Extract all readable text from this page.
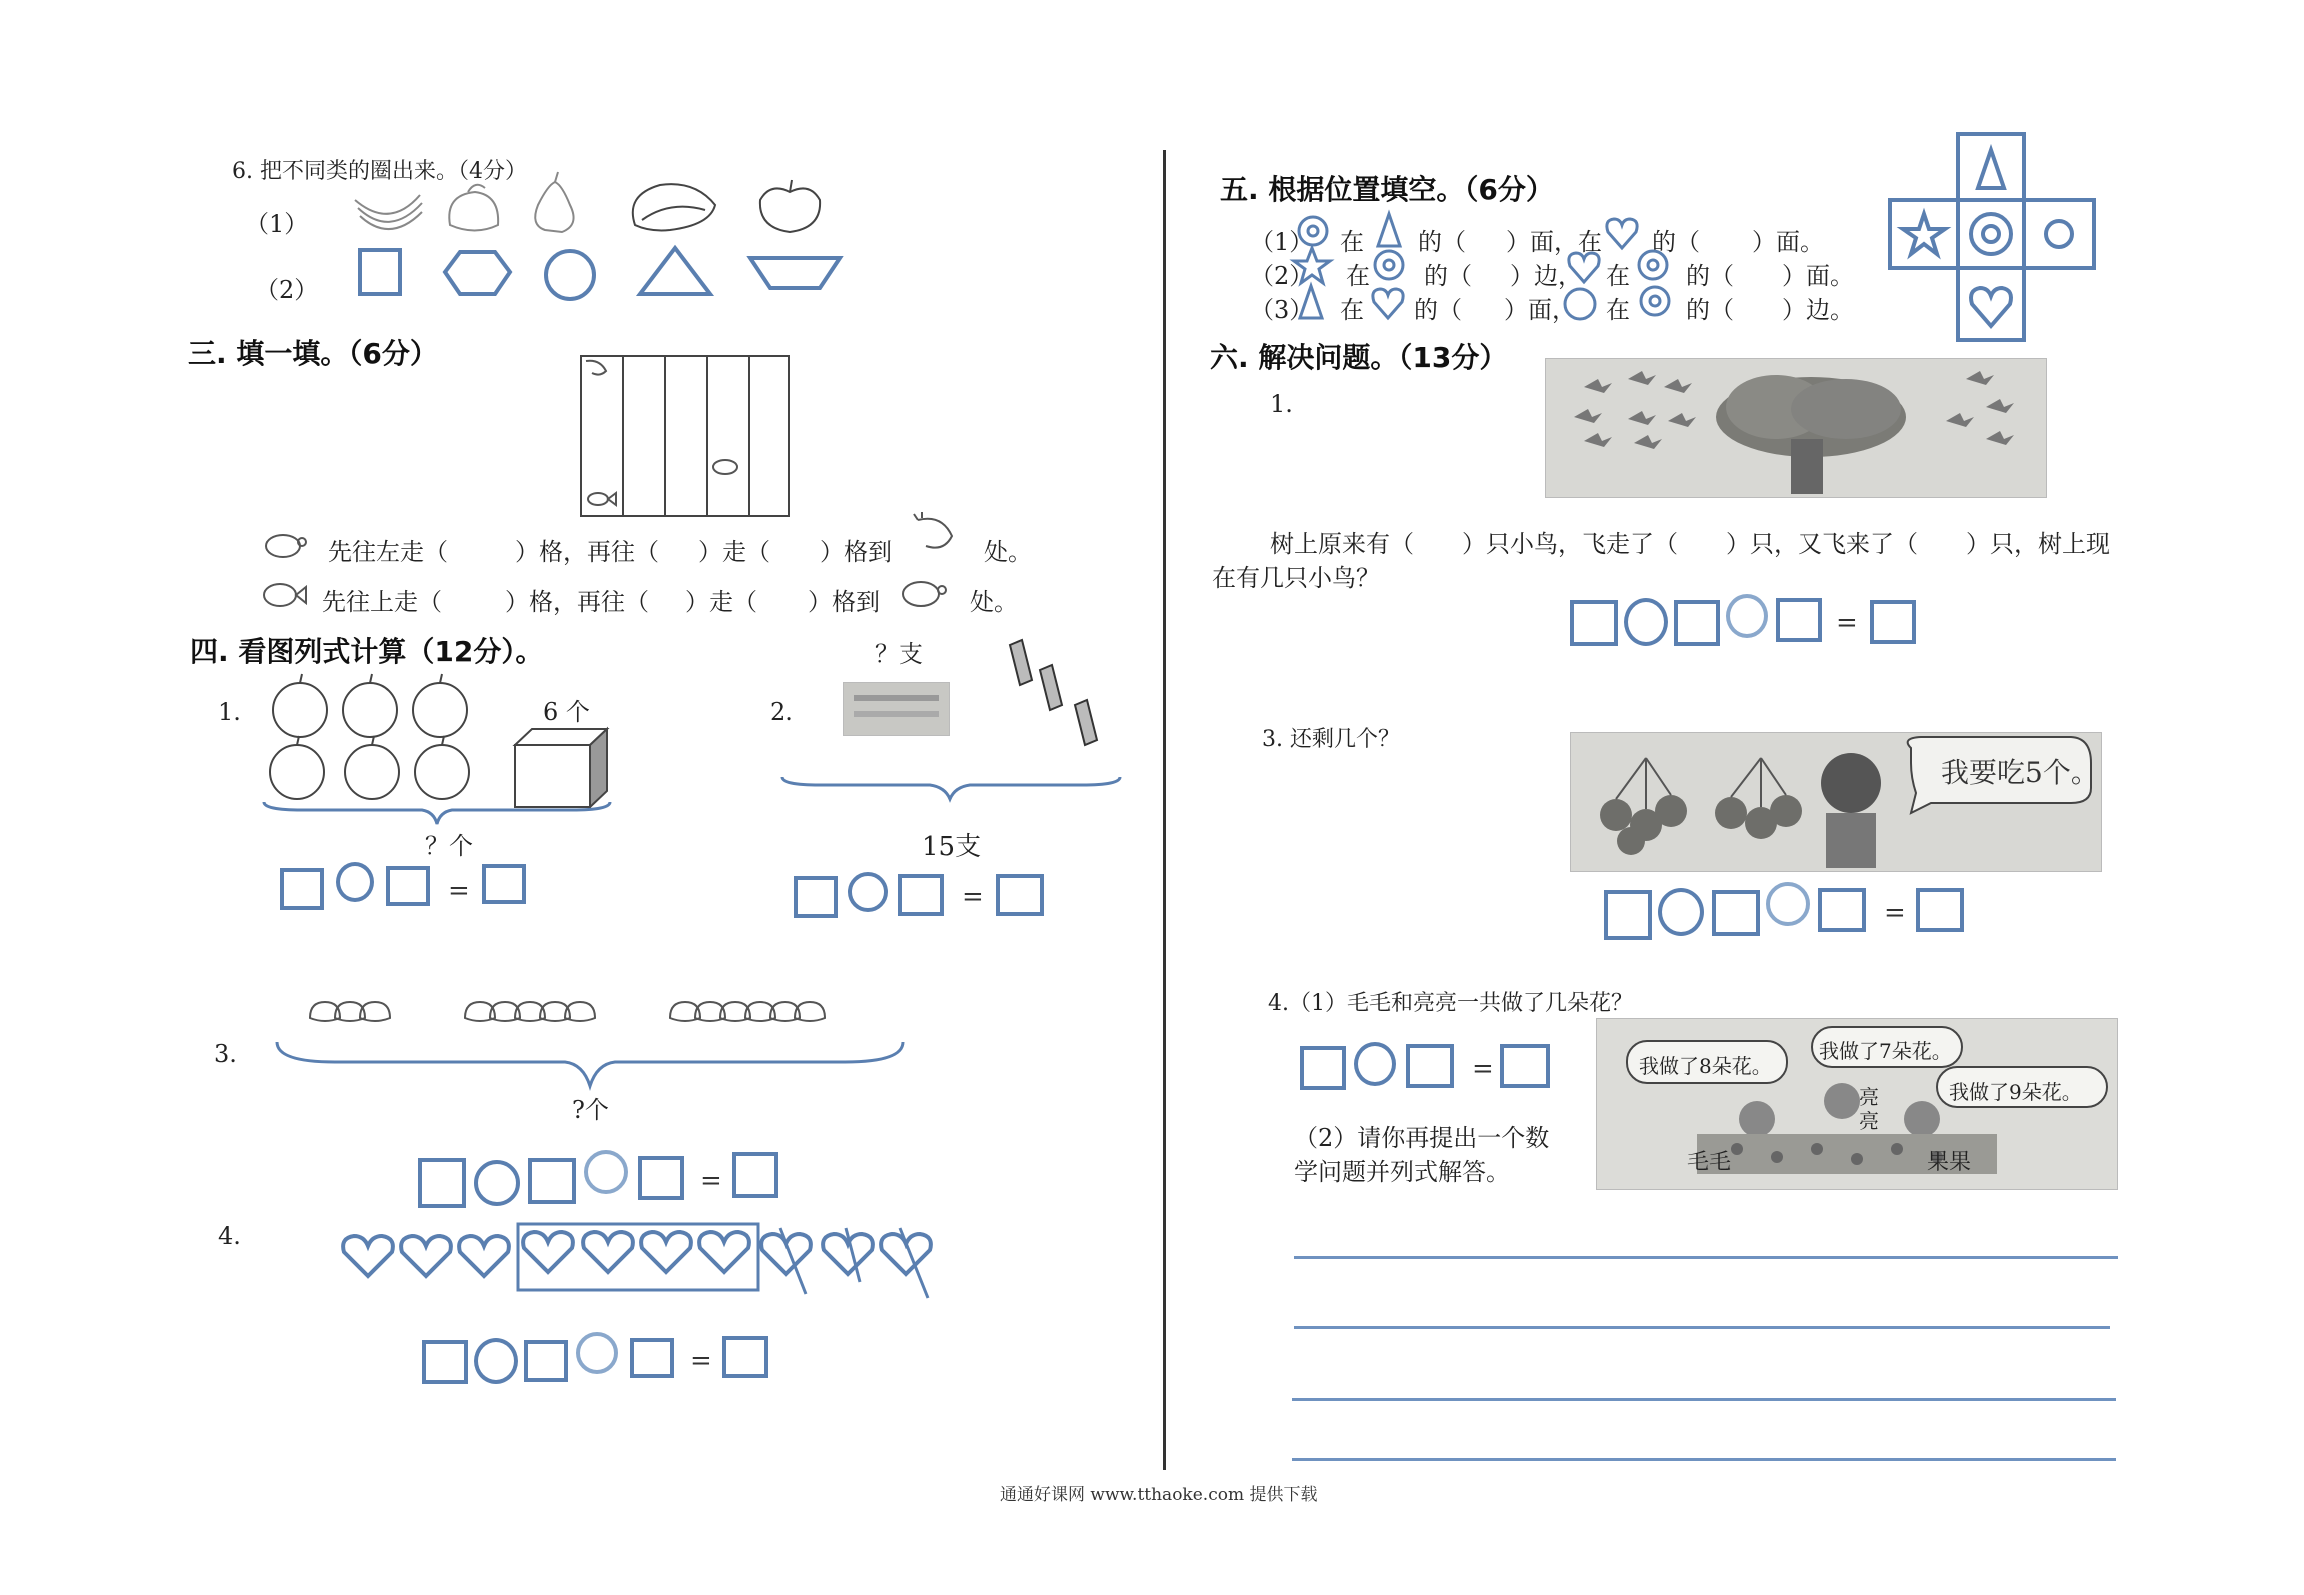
6. 把不同类的圈出来。（4分）
（1）
（2）
三. 填一填。（6分）
先往左走（	）格，再往（ ）走（ ）格到	处。
先往上走（	）格，再往（ ）走（ ）格到	处。
四. 看图列式计算（12分）。	？支
1.	6 个
？个
=
2.
15支
=
3.
?个
=
4.
=
五. 根据位置填空。（6分）
（1） 在 的（ ）面，在 的（ ）面。
（2） 在 的（ ）边， 在 的（ ）面。
（3） 在 的（ ）面， 在 的（ ）边。
六. 解决问题。（13分）
1.
树上原来有（　　）只小鸟，飞走了（　　）只，又飞来了（　　）只，树上现
在有几只小鸟？
=
3. 还剩几个？
我要吃5个。
=
4.（1）毛毛和亮亮一共做了几朵花？
=
（2）请你再提出一个数
学问题并列式解答。
我做了8朵花。
我做了7朵花。
我做了9朵花。
毛毛
亮亮
果果
通通好课网 www.tthaoke.com 提供下载
